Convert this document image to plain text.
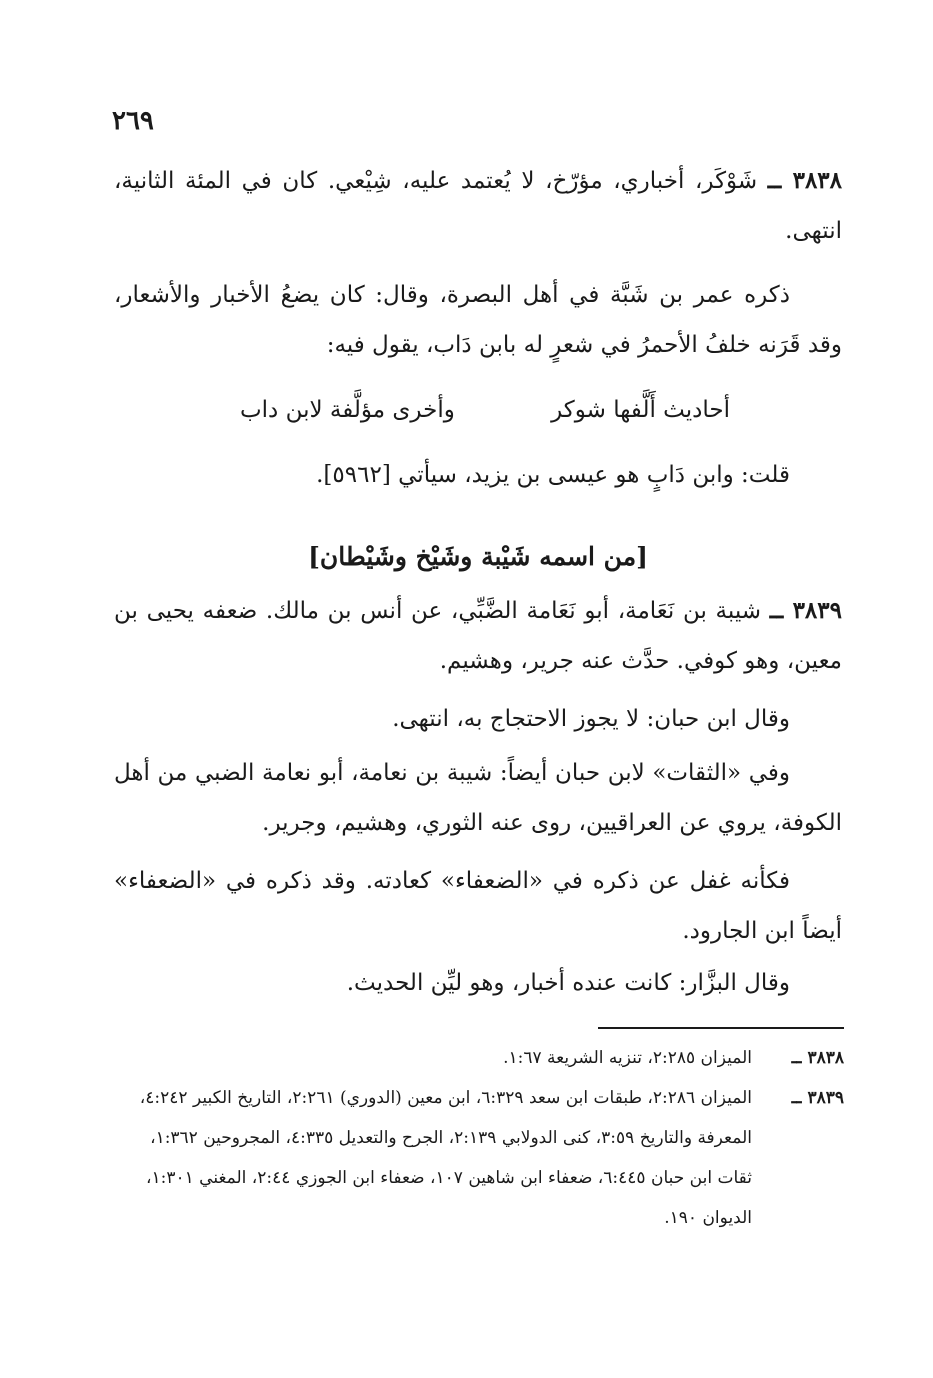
٢٦٩

٣٨٣٨ ــ شَوْكَر، أخباري، مؤرّخ، لا يُعتمد عليه، شِيْعي. كان في المئة الثانية، انتهى.

ذكره عمر بن شَبَّة في أهل البصرة، وقال: كان يضعُ الأخبار والأشعار، وقد قَرَنه خلفُ الأحمرُ في شعرٍ له بابن دَاب، يقول فيه:

أحاديث أَلَّفها شوكر
وأخرى مؤلَّفة لابن داب

قلت: وابن دَابٍ هو عيسى بن يزيد، سيأتي [٥٩٦٢].

[من اسمه شَيْبة وشَيْخ وشَيْطان]

٣٨٣٩ ــ شيبة بن نَعَامة، أبو نَعَامة الضَّبِّي، عن أنس بن مالك. ضعفه يحيى بن معين، وهو كوفي. حدَّث عنه جرير، وهشيم.

وقال ابن حبان: لا يجوز الاحتجاج به، انتهى.

وفي «الثقات» لابن حبان أيضاً: شيبة بن نعامة، أبو نعامة الضبي من أهل الكوفة، يروي عن العراقيين، روى عنه الثوري، وهشيم، وجرير.

فكأنه غفل عن ذكره في «الضعفاء» كعادته. وقد ذكره في «الضعفاء» أيضاً ابن الجارود.

وقال البزَّار: كانت عنده أخبار، وهو ليِّن الحديث.

٣٨٣٨ ــ
الميزان ٢:٢٨٥، تنزيه الشريعة ١:٦٧.

٣٨٣٩ ــ
الميزان ٢:٢٨٦، طبقات ابن سعد ٦:٣٢٩، ابن معين (الدوري) ٢:٢٦١، التاريخ الكبير ٤:٢٤٢، المعرفة والتاريخ ٣:٥٩، كنى الدولابي ٢:١٣٩، الجرح والتعديل ٤:٣٣٥، المجروحين ١:٣٦٢، ثقات ابن حبان ٦:٤٤٥، ضعفاء ابن شاهين ١٠٧، ضعفاء ابن الجوزي ٢:٤٤، المغني ١:٣٠١، الديوان ١٩٠.
